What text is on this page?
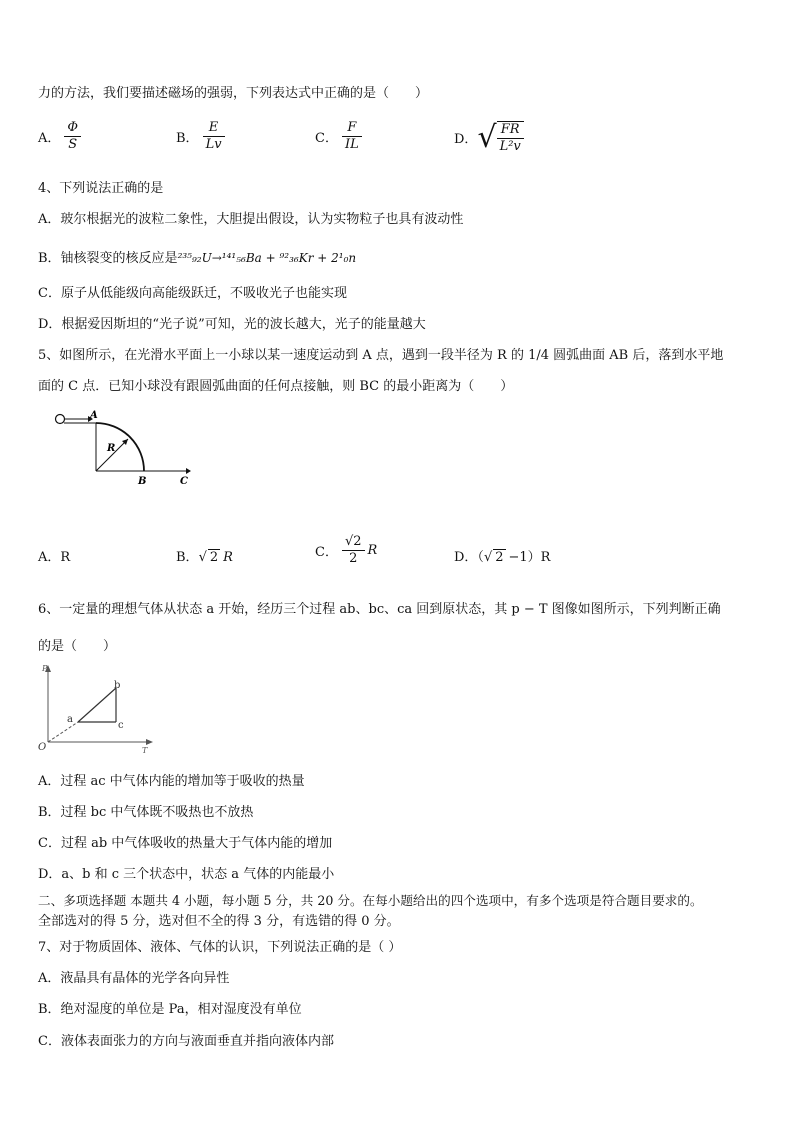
力的方法，我们要描述磁场的强弱，下列表达式中正确的是（　　）
A． $\frac{\Phi}{S}$	B． $\frac{E}{Lv}$	C． $\frac{F}{IL}$	D．√ $\frac{FR}{\text{L²v}}$
4、下列说法正确的是
A．玻尔根据光的波粒二象性，大胆提出假设，认为实物粒子也具有波动性
B．铀核裂变的核反应是²³⁵₉₂U→¹⁴¹₅₆Ba + ⁹²₃₆Kr + 2¹₀n
C．原子从低能级向高能级跃迁，不吸收光子也能实现
D．根据爱因斯坦的“光子说”可知，光的波长越大，光子的能量越大
5、如图所示，在光滑水平面上一小球以某一速度运动到 A 点，遇到一段半径为 R 的 1/4 圆弧曲面 AB 后，落到水平地
面的 C 点．已知小球没有跟圆弧曲面的任何点接触，则 BC 的最小距离为（　　）
A
R
B	C
A．R	B．√ 2 R	C． $\frac{√2}{2}$ R	D．（√ 2 −1）R
6、一定量的理想气体从状态 a 开始，经历三个过程 ab、bc、ca 回到原状态，其 p − T 图像如图所示，下列判断正确
的是（　　）
P
T
O
a
b
c
A．过程 ac 中气体内能的增加等于吸收的热量
B．过程 bc 中气体既不吸热也不放热
C．过程 ab 中气体吸收的热量大于气体内能的增加
D．a、b 和 c 三个状态中，状态 a 气体的内能最小
二、多项选择题 本题共 4 小题，每小题 5 分，共 20 分。在每小题给出的四个选项中，有多个选项是符合题目要求的。
全部选对的得 5 分，选对但不全的得 3 分，有选错的得 0 分。
7、对于物质固体、液体、气体的认识，下列说法正确的是（ ）
A．液晶具有晶体的光学各向异性
B．绝对湿度的单位是 Pa，相对湿度没有单位
C．液体表面张力的方向与液面垂直并指向液体内部
